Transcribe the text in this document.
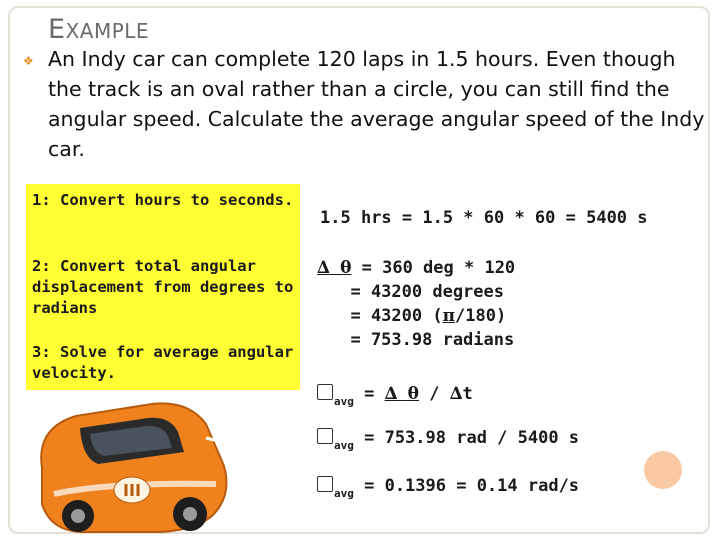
EXAMPLE
❖ An Indy car can complete 120 laps in 1.5 hours. Even though the track is an oval rather than a circle, you can still find the angular speed. Calculate the average angular speed of the Indy car.

1: Convert hours to seconds.

2: Convert total angular displacement from degrees to radians

3: Solve for average angular velocity.

1.5 hrs = 1.5 * 60 * 60 = 5400 s

∆ θ = 360 deg * 120
= 43200 degrees
= 43200 (π/180)
= 753.98 radians
$_{avg}$ = ∆ θ / ∆t
$_{avg}$ = 753.98 rad / 5400 s
$_{avg}$ = 0.1396 = 0.14 rad/s
